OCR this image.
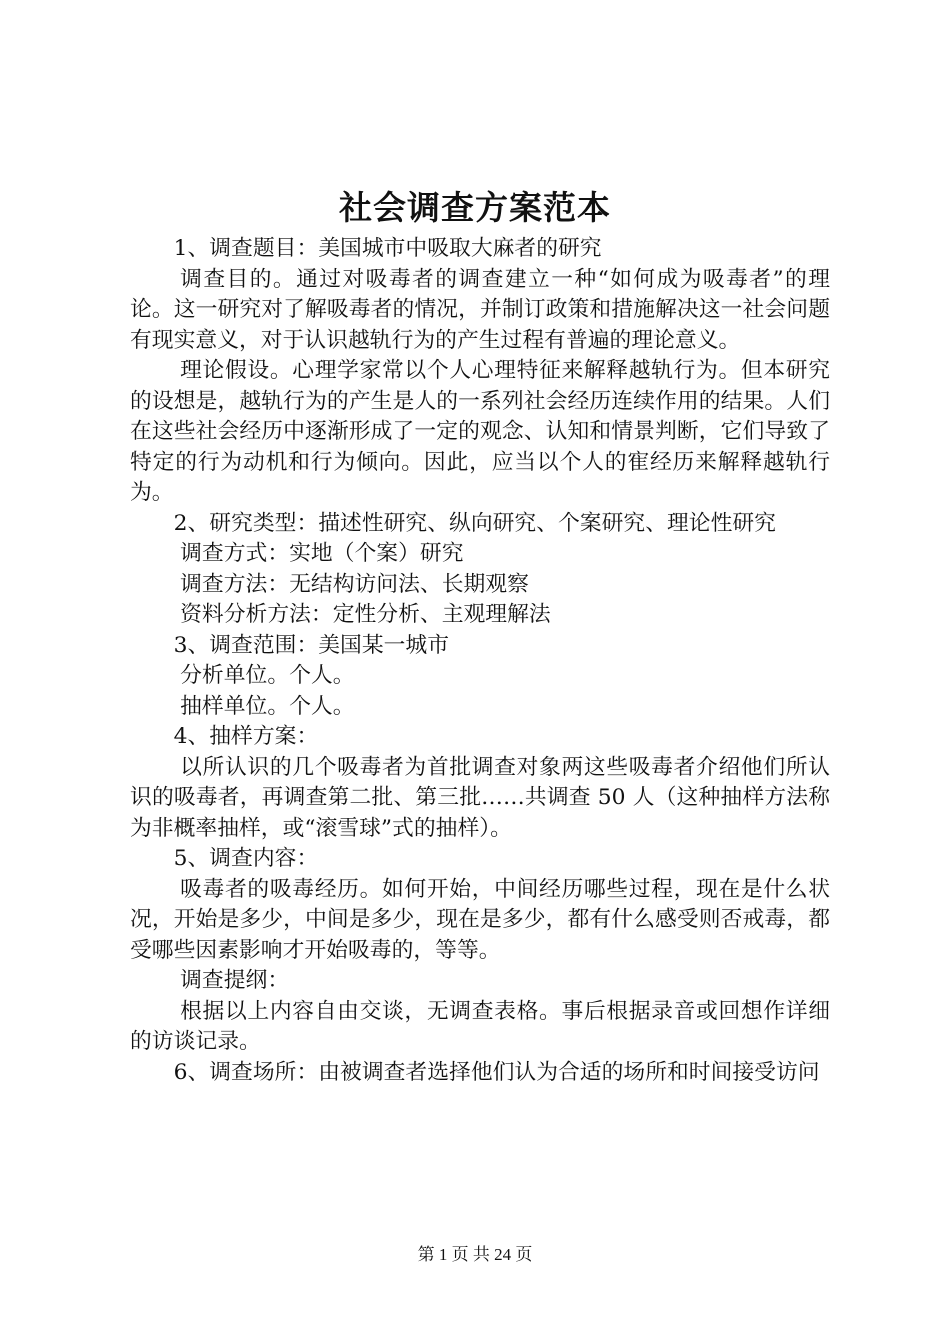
社会调查方案范本

1、调查题目：美国城市中吸取大麻者的研究

调查目的。通过对吸毒者的调查建立一种“如何成为吸毒者”的理论。这一研究对了解吸毒者的情况，并制订政策和措施解决这一社会问题有现实意义，对于认识越轨行为的产生过程有普遍的理论意义。

理论假设。心理学家常以个人心理特征来解释越轨行为。但本研究的设想是，越轨行为的产生是人的一系列社会经历连续作用的结果。人们在这些社会经历中逐渐形成了一定的观念、认知和情景判断，它们导致了特定的行为动机和行为倾向。因此，应当以个人的寉经历来解释越轨行为。

2、研究类型：描述性研究、纵向研究、个案研究、理论性研究

调查方式：实地（个案）研究

调查方法：无结构访问法、长期观察

资料分析方法：定性分析、主观理解法

3、调查范围：美国某一城市

分析单位。个人。

抽样单位。个人。

4、抽样方案：

以所认识的几个吸毒者为首批调查对象两这些吸毒者介绍他们所认识的吸毒者，再调查第二批、第三批……共调查 50 人（这种抽样方法称为非概率抽样，或“滚雪球”式的抽样）。

5、调查内容：

吸毒者的吸毒经历。如何开始，中间经历哪些过程，现在是什么状况，开始是多少，中间是多少，现在是多少，都有什么感受则否戒毒，都受哪些因素影响才开始吸毒的，等等。

调查提纲：

根据以上内容自由交谈，无调查表格。事后根据录音或回想作详细的访谈记录。

6、调查场所：由被调查者选择他们认为合适的场所和时间接受访问

第 1 页 共 24 页
